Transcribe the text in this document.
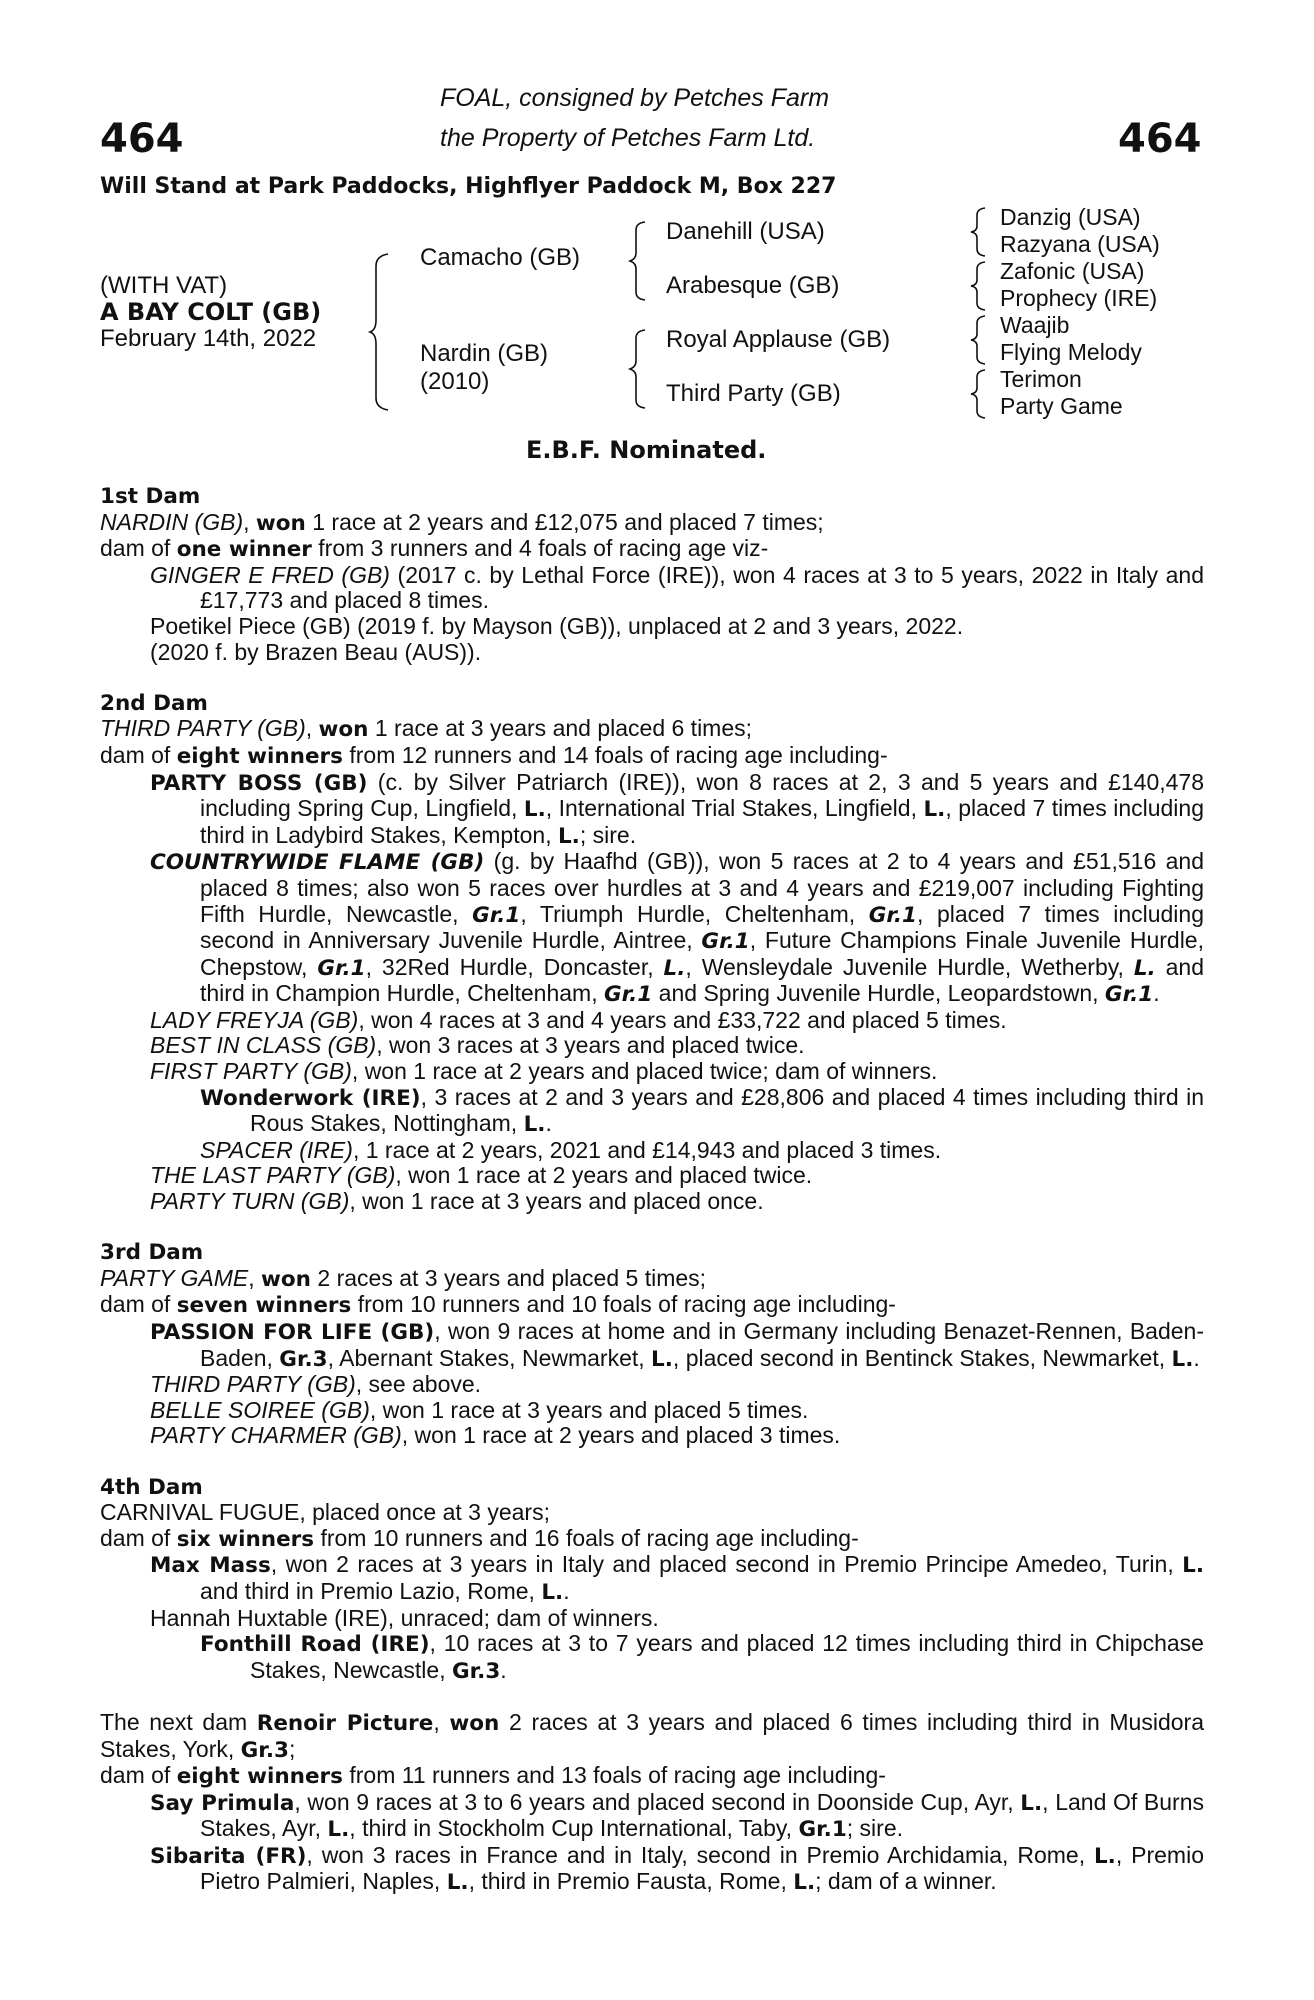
464	464
FOAL, consigned by Petches Farm
the Property of Petches Farm Ltd.
Will Stand at Park Paddocks, Highflyer Paddock M, Box 227
(WITH VAT)
A BAY COLT (GB)
February 14th, 2022
Camacho (GB)
Nardin (GB)
(2010)
Danehill (USA)
Arabesque (GB)
Royal Applause (GB)
Third Party (GB)
Danzig (USA)
Razyana (USA)
Zafonic (USA)
Prophecy (IRE)
Waajib
Flying Melody
Terimon
Party Game
E.B.F. Nominated.

1st Dam

NARDIN (GB), won 1 race at 2 years and £12,075 and placed 7 times;

dam of one winner from 3 runners and 4 foals of racing age viz-

GINGER E FRED (GB) (2017 c. by Lethal Force (IRE)), won 4 races at 3 to 5 years, 2022 in Italy and £17,773 and placed 8 times.

Poetikel Piece (GB) (2019 f. by Mayson (GB)), unplaced at 2 and 3 years, 2022.

(2020 f. by Brazen Beau (AUS)).

2nd Dam

THIRD PARTY (GB), won 1 race at 3 years and placed 6 times;

dam of eight winners from 12 runners and 14 foals of racing age including-

PARTY BOSS (GB) (c. by Silver Patriarch (IRE)), won 8 races at 2, 3 and 5 years and £140,478 including Spring Cup, Lingfield, L., International Trial Stakes, Lingfield, L., placed 7 times including third in Ladybird Stakes, Kempton, L.; sire.

COUNTRYWIDE FLAME (GB) (g. by Haafhd (GB)), won 5 races at 2 to 4 years and £51,516 and placed 8 times; also won 5 races over hurdles at 3 and 4 years and £219,007 including Fighting Fifth Hurdle, Newcastle, Gr.1, Triumph Hurdle, Cheltenham, Gr.1, placed 7 times including second in Anniversary Juvenile Hurdle, Aintree, Gr.1, Future Champions Finale Juvenile Hurdle, Chepstow, Gr.1, 32Red Hurdle, Doncaster, L., Wensleydale Juvenile Hurdle, Wetherby, L. and third in Champion Hurdle, Cheltenham, Gr.1 and Spring Juvenile Hurdle, Leopardstown, Gr.1.

LADY FREYJA (GB), won 4 races at 3 and 4 years and £33,722 and placed 5 times.

BEST IN CLASS (GB), won 3 races at 3 years and placed twice.

FIRST PARTY (GB), won 1 race at 2 years and placed twice; dam of winners.

Wonderwork (IRE), 3 races at 2 and 3 years and £28,806 and placed 4 times including third in Rous Stakes, Nottingham, L..

SPACER (IRE), 1 race at 2 years, 2021 and £14,943 and placed 3 times.

THE LAST PARTY (GB), won 1 race at 2 years and placed twice.

PARTY TURN (GB), won 1 race at 3 years and placed once.

3rd Dam

PARTY GAME, won 2 races at 3 years and placed 5 times;

dam of seven winners from 10 runners and 10 foals of racing age including-

PASSION FOR LIFE (GB), won 9 races at home and in Germany including Benazet-Rennen, Baden-Baden, Gr.3, Abernant Stakes, Newmarket, L., placed second in Bentinck Stakes, Newmarket, L..

THIRD PARTY (GB), see above.

BELLE SOIREE (GB), won 1 race at 3 years and placed 5 times.

PARTY CHARMER (GB), won 1 race at 2 years and placed 3 times.

4th Dam

CARNIVAL FUGUE, placed once at 3 years;

dam of six winners from 10 runners and 16 foals of racing age including-

Max Mass, won 2 races at 3 years in Italy and placed second in Premio Principe Amedeo, Turin, L. and third in Premio Lazio, Rome, L..

Hannah Huxtable (IRE), unraced; dam of winners.

Fonthill Road (IRE), 10 races at 3 to 7 years and placed 12 times including third in Chipchase Stakes, Newcastle, Gr.3.

The next dam Renoir Picture, won 2 races at 3 years and placed 6 times including third in Musidora Stakes, York, Gr.3;

dam of eight winners from 11 runners and 13 foals of racing age including-

Say Primula, won 9 races at 3 to 6 years and placed second in Doonside Cup, Ayr, L., Land Of Burns Stakes, Ayr, L., third in Stockholm Cup International, Taby, Gr.1; sire.

Sibarita (FR), won 3 races in France and in Italy, second in Premio Archidamia, Rome, L., Premio Pietro Palmieri, Naples, L., third in Premio Fausta, Rome, L.; dam of a winner.
